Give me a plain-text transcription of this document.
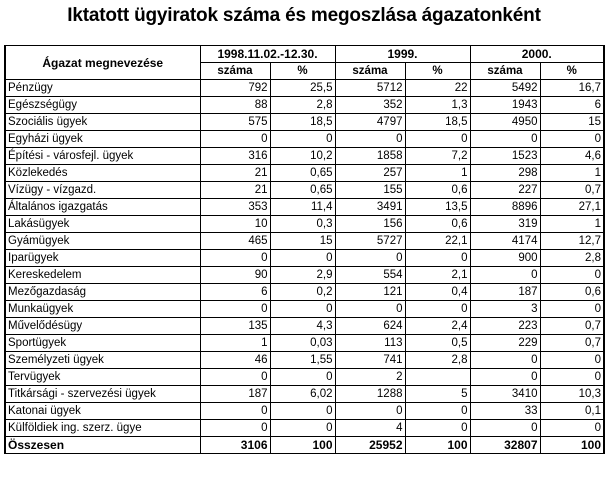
Iktatott ügyiratok száma és megoszlása ágazatonként
Ágazat megnevezése	1998.11.02.-12.30.		1999.		2000.	
	száma	%	száma	%	száma	%
Pénzügy	792	25,5	5712	22	5492	16,7
Egészségügy	88	2,8	352	1,3	1943	6
Szociális ügyek	575	18,5	4797	18,5	4950	15
Egyházi ügyek	0	0	0	0	0	0
Építési - városfejl. ügyek	316	10,2	1858	7,2	1523	4,6
Közlekedés	21	0,65	257	1	298	1
Vízügy - vízgazd.	21	0,65	155	0,6	227	0,7
Általános igazgatás	353	11,4	3491	13,5	8896	27,1
Lakásügyek	10	0,3	156	0,6	319	1
Gyámügyek	465	15	5727	22,1	4174	12,7
Iparügyek	0	0	0	0	900	2,8
Kereskedelem	90	2,9	554	2,1	0	0
Mezőgazdaság	6	0,2	121	0,4	187	0,6
Munkaügyek	0	0	0	0	3	0
Művelődésügy	135	4,3	624	2,4	223	0,7
Sportügyek	1	0,03	113	0,5	229	0,7
Személyzeti ügyek	46	1,55	741	2,8	0	0
Tervügyek	0	0	2		0	0
Titkársági - szervezési ügyek	187	6,02	1288	5	3410	10,3
Katonai ügyek	0	0	0	0	33	0,1
Külföldiek ing. szerz. ügye	0	0	4	0	0	0
Összesen	3106	100	25952	100	32807	100
